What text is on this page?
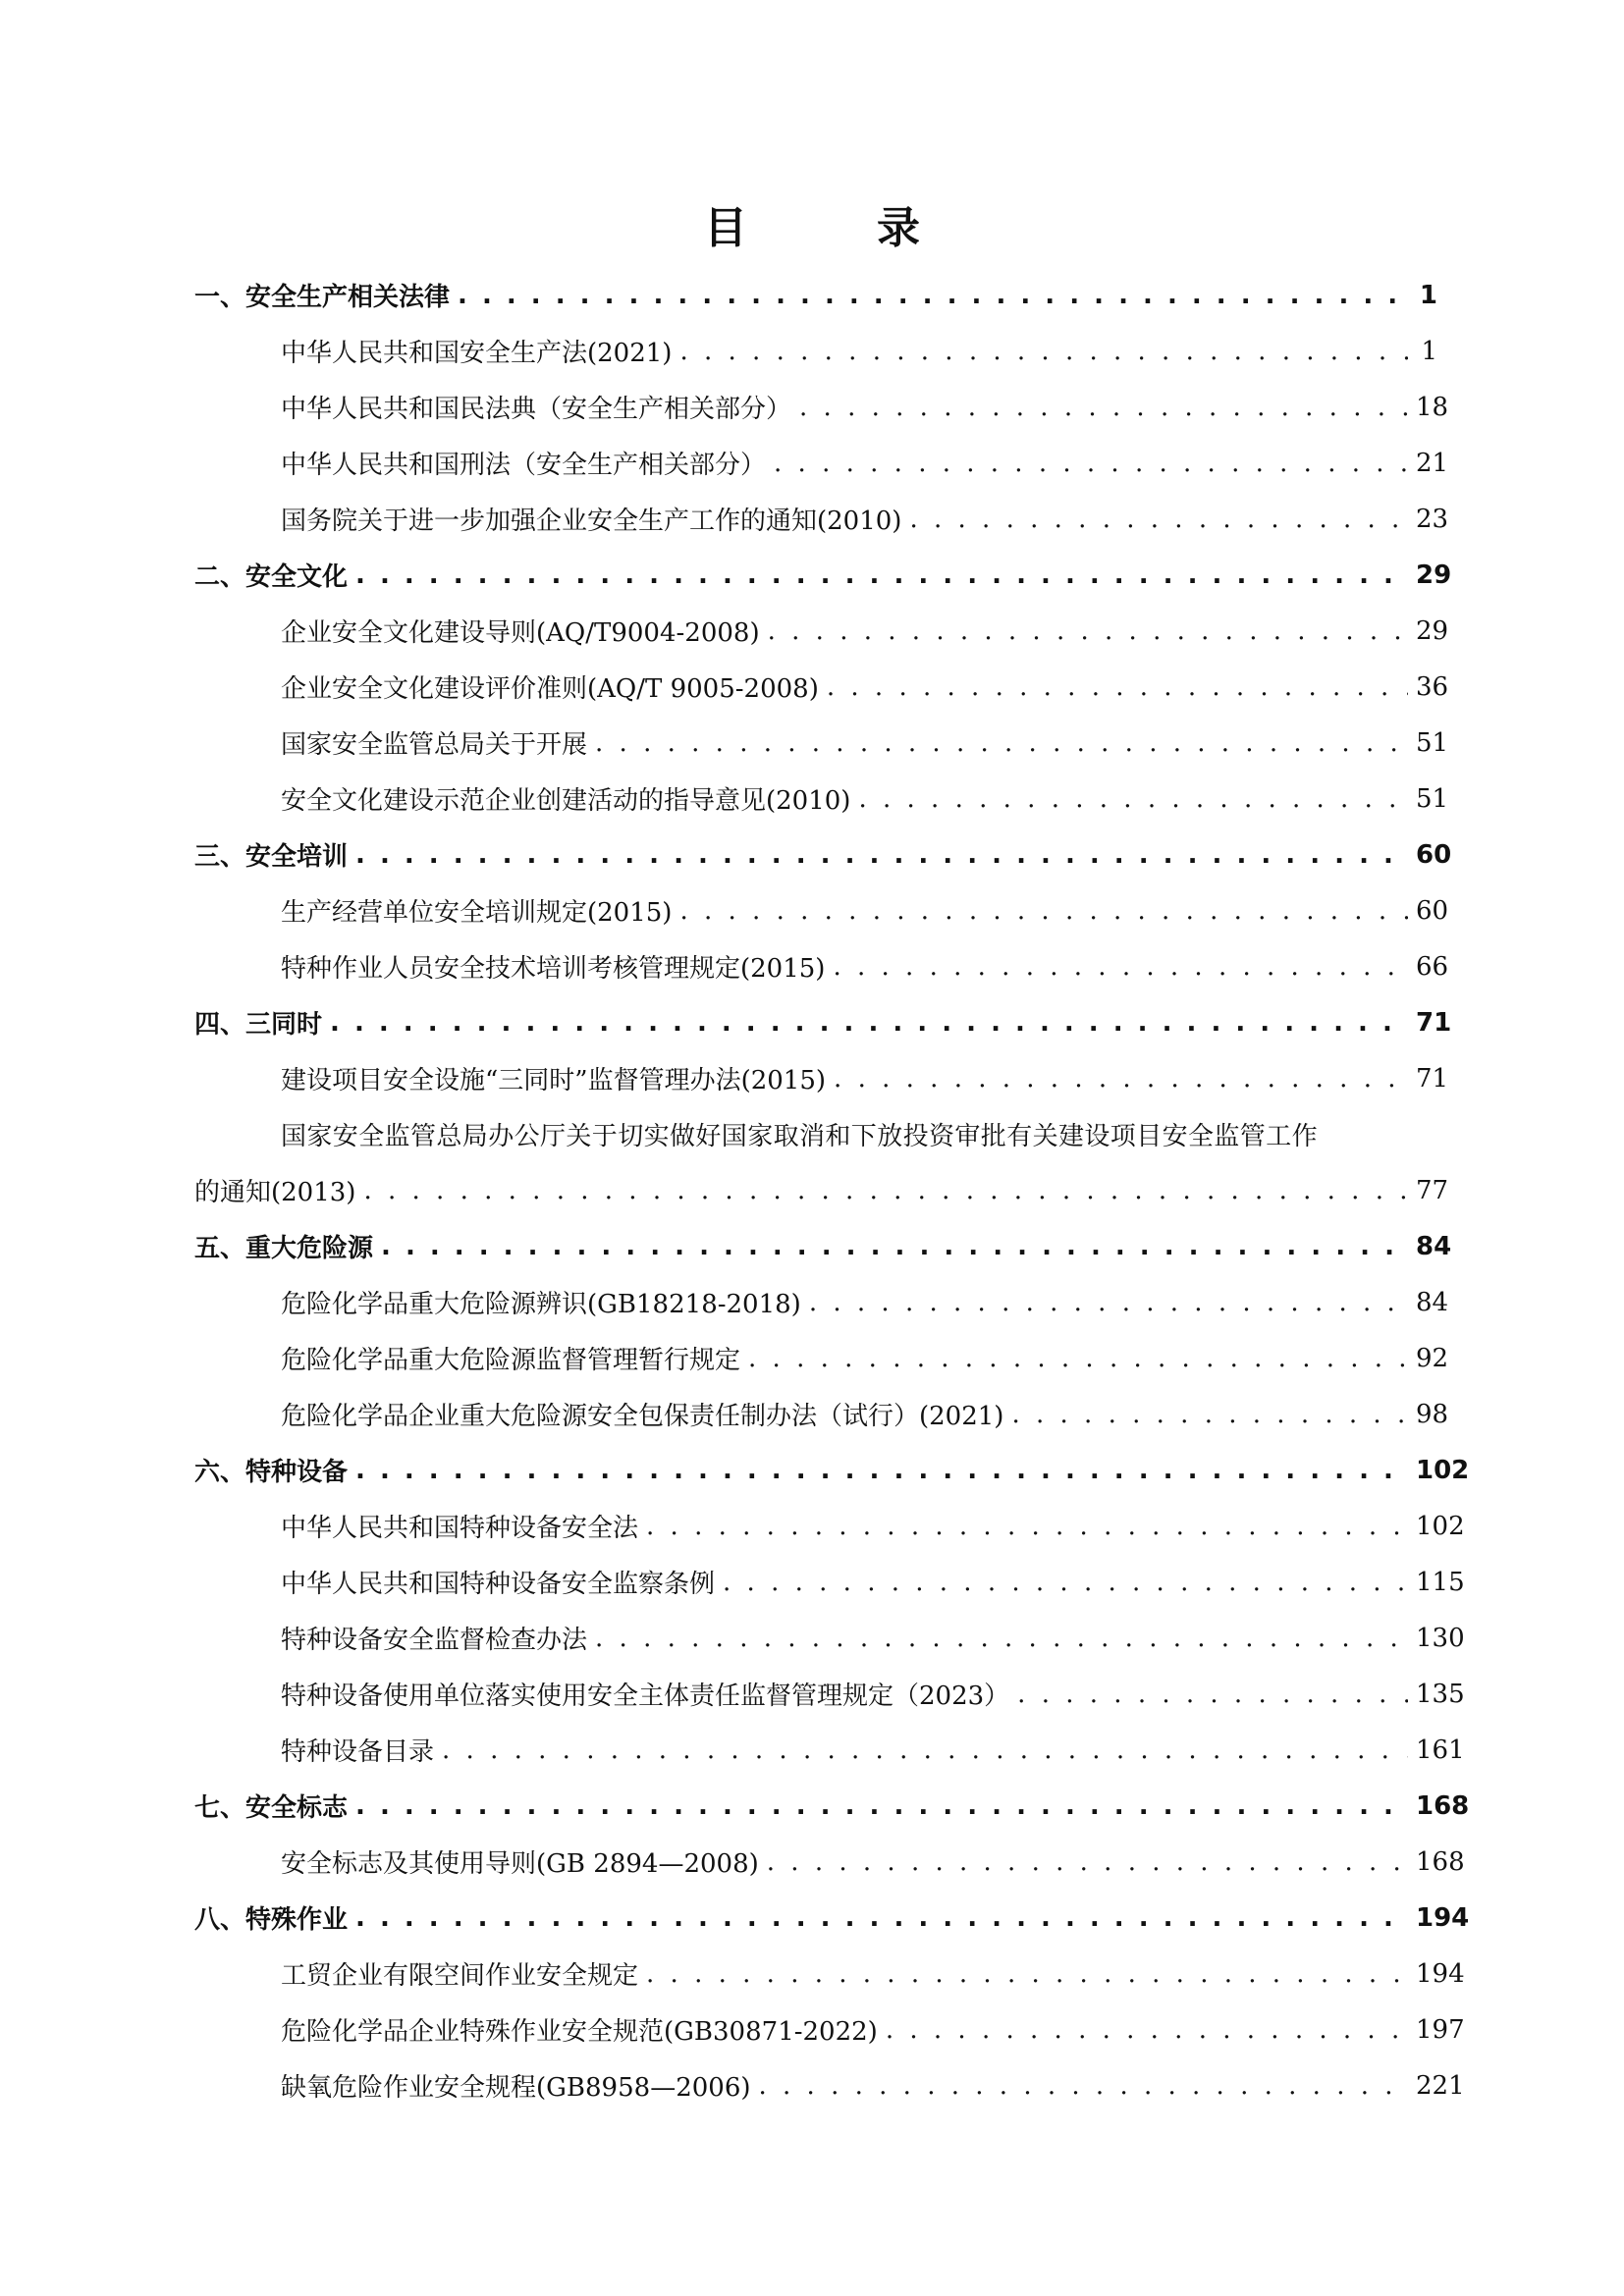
目　录
一、安全生产相关法律 . . .	1
中华人民共和国安全生产法(2021) . . .	1
中华人民共和国民法典（安全生产相关部分） . . .	18
中华人民共和国刑法（安全生产相关部分） . . .	21
国务院关于进一步加强企业安全生产工作的通知(2010) . . .	23
二、安全文化 . . .	29
企业安全文化建设导则(AQ/T9004-2008) . . .	29
企业安全文化建设评价准则(AQ/T 9005-2008) . . .	36
国家安全监管总局关于开展 . . .	51
安全文化建设示范企业创建活动的指导意见(2010) . . .	51
三、安全培训 . . .	60
生产经营单位安全培训规定(2015) . . .	60
特种作业人员安全技术培训考核管理规定(2015) . . .	66
四、三同时 . . .	71
建设项目安全设施“三同时”监督管理办法(2015) . . .	71
国家安全监管总局办公厅关于切实做好国家取消和下放投资审批有关建设项目安全监管工作
的通知(2013) . . .	77
五、重大危险源 . . .	84
危险化学品重大危险源辨识(GB18218-2018) . . .	84
危险化学品重大危险源监督管理暂行规定 . . .	92
危险化学品企业重大危险源安全包保责任制办法（试行）(2021) . . .	98
六、特种设备 . . .	102
中华人民共和国特种设备安全法 . . .	102
中华人民共和国特种设备安全监察条例 . . .	115
特种设备安全监督检查办法 . . .	130
特种设备使用单位落实使用安全主体责任监督管理规定（2023） . . .	135
特种设备目录 . . .	161
七、安全标志 . . .	168
安全标志及其使用导则(GB 2894—2008) . . .	168
八、特殊作业 . . .	194
工贸企业有限空间作业安全规定 . . .	194
危险化学品企业特殊作业安全规范(GB30871-2022) . . .	197
缺氧危险作业安全规程(GB8958—2006) . . .	221
